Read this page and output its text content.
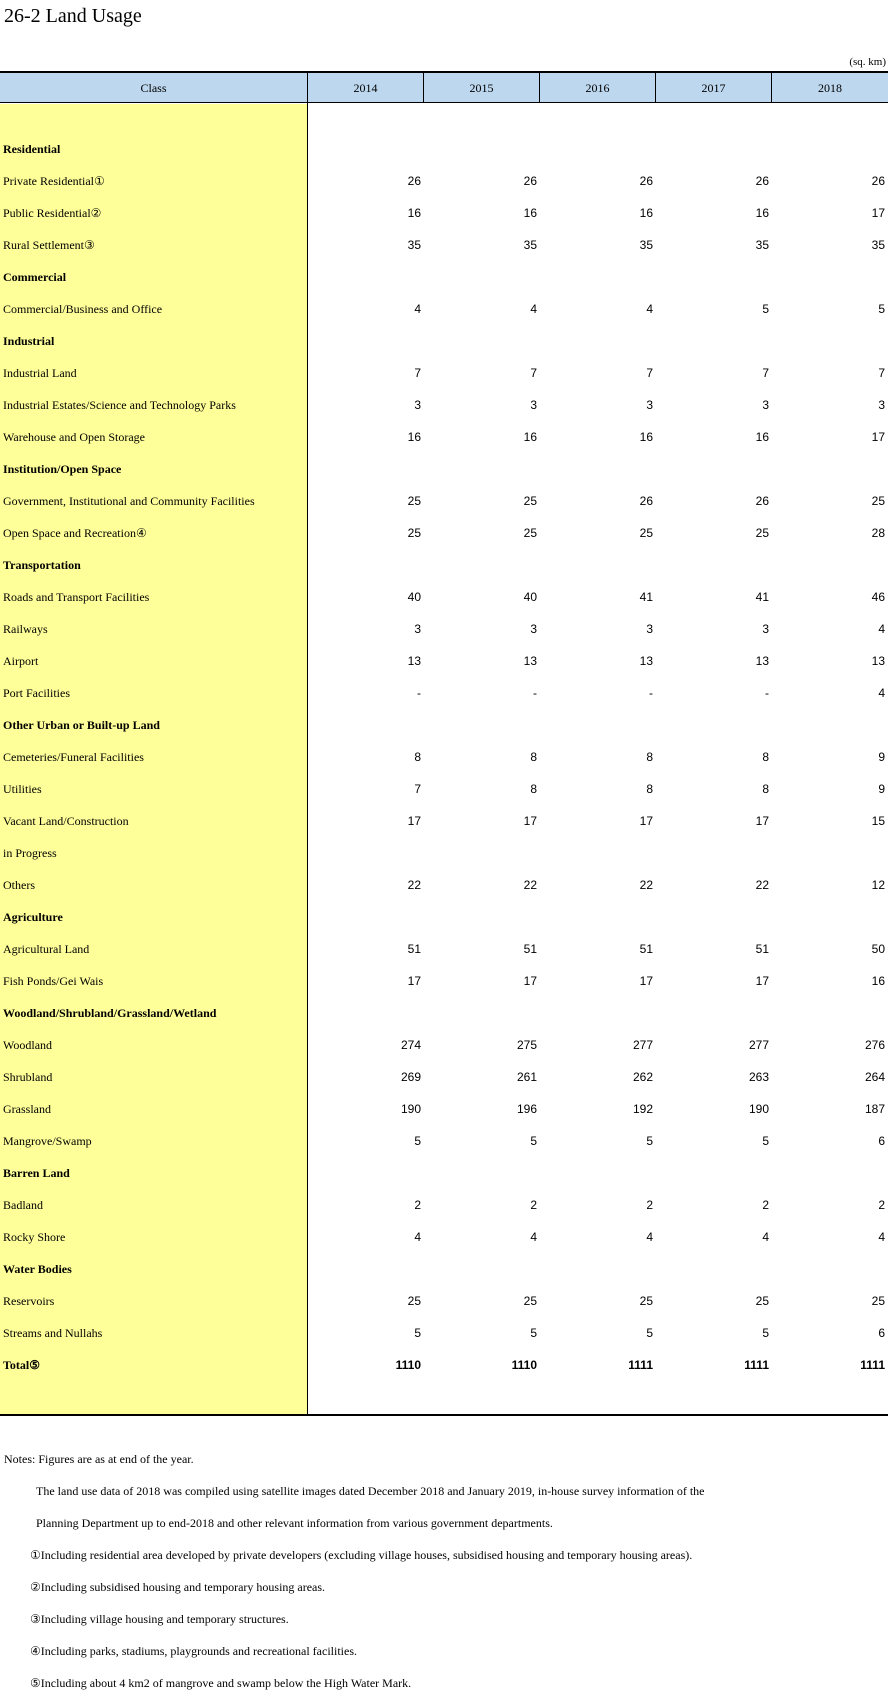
26-2 Land Usage
(sq. km)
Class	2014	2015	2016	2017	2018
Residential
Private Residential①	26	26	26	26	26
Public Residential②	16	16	16	16	17
Rural Settlement③	35	35	35	35	35
Commercial
Commercial/Business and Office	4	4	4	5	5
Industrial
Industrial Land	7	7	7	7	7
Industrial Estates/Science and Technology Parks	3	3	3	3	3
Warehouse and Open Storage	16	16	16	16	17
Institution/Open Space
Government, Institutional and Community Facilities	25	25	26	26	25
Open Space and Recreation④	25	25	25	25	28
Transportation
Roads and Transport Facilities	40	40	41	41	46
Railways	3	3	3	3	4
Airport	13	13	13	13	13
Port Facilities	-	-	-	-	4
Other Urban or Built-up Land
Cemeteries/Funeral Facilities	8	8	8	8	9
Utilities	7	8	8	8	9
Vacant Land/Construction	17	17	17	17	15
in Progress
Others	22	22	22	22	12
Agriculture
Agricultural Land	51	51	51	51	50
Fish Ponds/Gei Wais	17	17	17	17	16
Woodland/Shrubland/Grassland/Wetland
Woodland	274	275	277	277	276
Shrubland	269	261	262	263	264
Grassland	190	196	192	190	187
Mangrove/Swamp	5	5	5	5	6
Barren Land
Badland	2	2	2	2	2
Rocky Shore	4	4	4	4	4
Water Bodies
Reservoirs	25	25	25	25	25
Streams and Nullahs	5	5	5	5	6
Total⑤	1110	1110	1111	1111	1111
Notes: Figures are as at end of the year.
The land use data of 2018 was compiled using satellite images dated December 2018 and January 2019, in-house survey information of the
Planning Department up to end-2018 and other relevant information from various government departments.
①Including residential area developed by private developers (excluding village houses, subsidised housing and temporary housing areas).
②Including subsidised housing and temporary housing areas.
③Including village housing and temporary structures.
④Including parks, stadiums, playgrounds and recreational facilities.
⑤Including about 4 km2 of mangrove and swamp below the High Water Mark.
